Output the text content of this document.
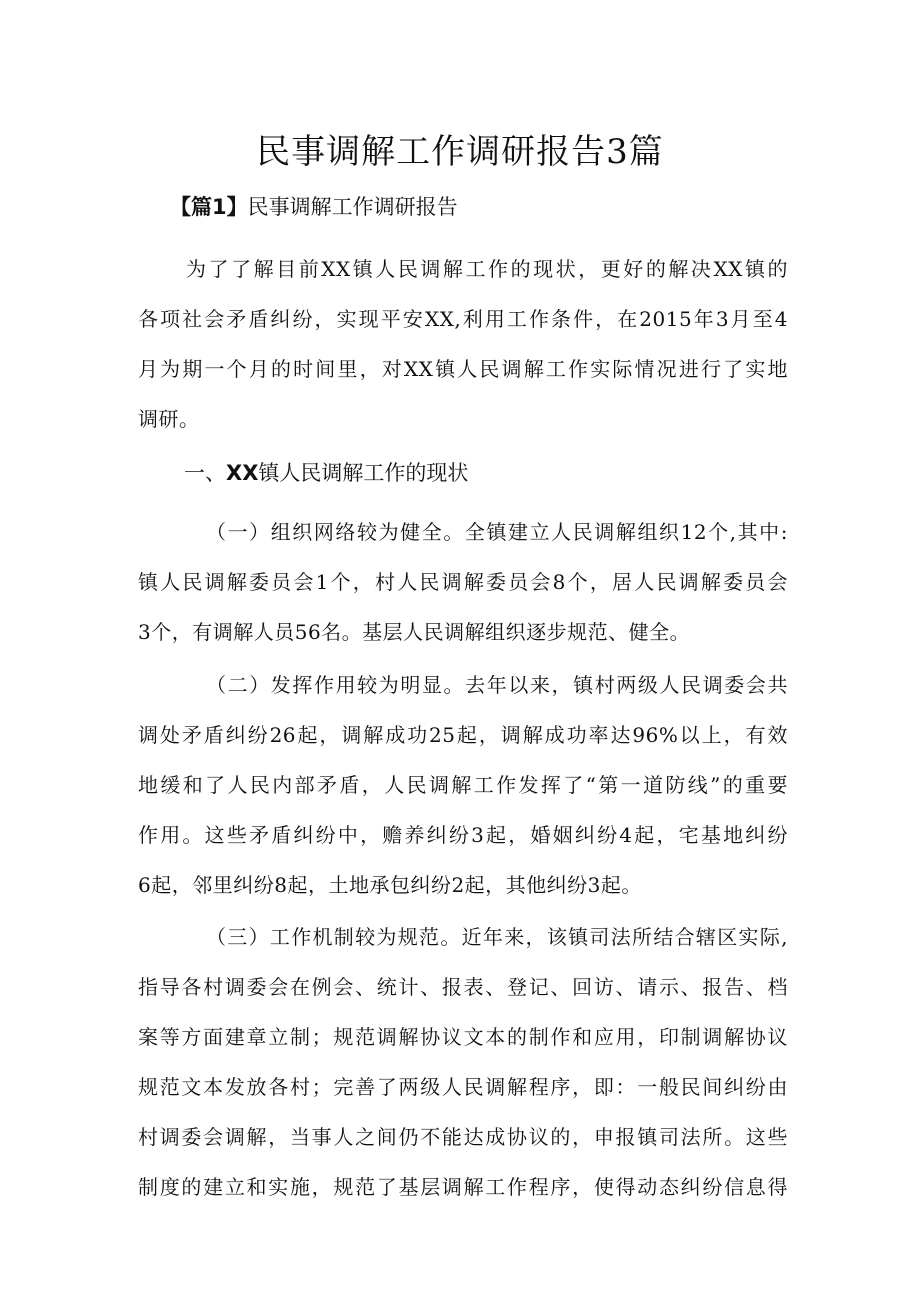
民事调解工作调研报告3篇
【篇1】民事调解工作调研报告
为了了解目前XX镇人民调解工作的现状，更好的解决XX镇的
各项社会矛盾纠纷，实现平安XX,利用工作条件，在2015年3月至4
月为期一个月的时间里，对XX镇人民调解工作实际情况进行了实地
调研。
一、XX镇人民调解工作的现状
（一）组织网络较为健全。全镇建立人民调解组织12个,其中:
镇人民调解委员会1个，村人民调解委员会8个，居人民调解委员会
3个，有调解人员56名。基层人民调解组织逐步规范、健全。
（二）发挥作用较为明显。去年以来，镇村两级人民调委会共
调处矛盾纠纷26起，调解成功25起，调解成功率达96%以上，有效
地缓和了人民内部矛盾，人民调解工作发挥了“第一道防线”的重要
作用。这些矛盾纠纷中，赡养纠纷3起，婚姻纠纷4起，宅基地纠纷
6起，邻里纠纷8起，土地承包纠纷2起，其他纠纷3起。
（三）工作机制较为规范。近年来，该镇司法所结合辖区实际,
指导各村调委会在例会、统计、报表、登记、回访、请示、报告、档
案等方面建章立制；规范调解协议文本的制作和应用，印制调解协议
规范文本发放各村；完善了两级人民调解程序，即：一般民间纠纷由
村调委会调解，当事人之间仍不能达成协议的，申报镇司法所。这些
制度的建立和实施，规范了基层调解工作程序，使得动态纠纷信息得
